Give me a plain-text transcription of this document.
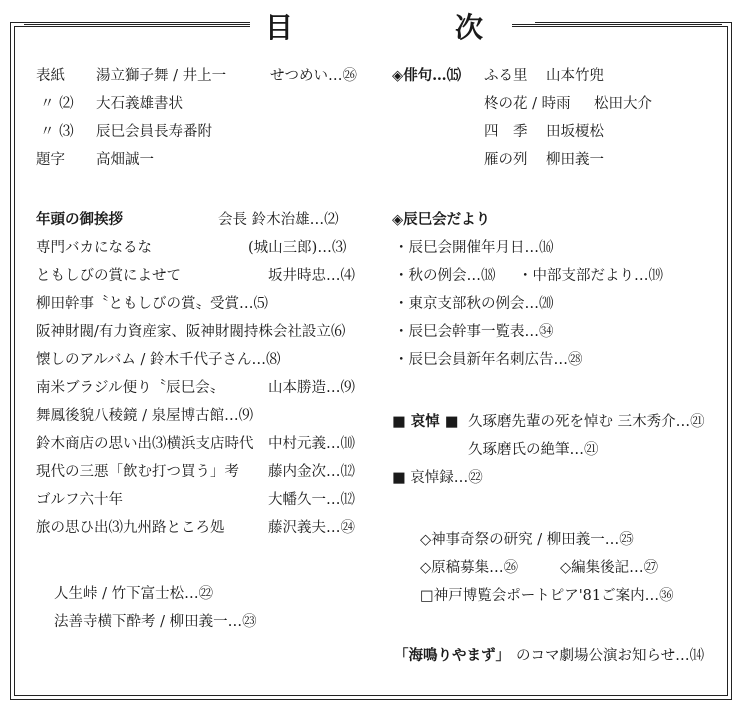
目	次
表紙 湯立獅子舞 / 井上一	せつめい…㉖
〃 ⑵ 大石義雄書状
〃 ⑶ 辰巳会員長寿番附
題字 高畑誠一
年頭の御挨拶	会長 鈴木治雄…⑵
専門バカになるな	(城山三郎)…⑶
ともしびの賞によせて	坂井時忠…⑷
柳田幹事〝ともしびの賞〟受賞…⑸
阪神財閥/有力資産家、阪神財閥持株会社設立⑹
懐しのアルバム / 鈴木千代子さん…⑻
南米ブラジル便り〝辰巳会〟	山本勝造…⑼
舞鳳後貌八稜鏡 / 泉屋博古館…⑼
鈴木商店の思い出⑶横浜支店時代 中村元義…⑽
現代の三悪「飲む打つ買う」考 藤内金次…⑿
ゴルフ六十年	大幡久一…⑿
旅の思ひ出⑶九州路ところ処	藤沢義夫…㉔
人生峠 / 竹下富士松…㉒
法善寺横下酔考 / 柳田義一…㉓
◈俳句…⒂ ふる里 山本竹兜
柊の花 / 時雨 松田大介
四　季 田坂榎松
雁の列 柳田義一
◈辰巳会だより
・辰巳会開催年月日…⒃
・秋の例会…⒅ ・中部支部だより…⒆
・東京支部秋の例会…⒇
・辰巳会幹事一覧表…㉞
・辰巳会員新年名刺広告…㉘
■ 哀悼 ■ 久琢磨先輩の死を悼む 三木秀介…㉑
久琢磨氏の絶筆…㉑
■ 哀悼録…㉒
◇神事奇祭の研究 / 柳田義一…㉕
◇原稿募集…㉖	◇編集後記…㉗
□神戸博覧会ポートピア'81ご案内…㊱
「海鳴りやまず」 のコマ劇場公演お知らせ…⒁
